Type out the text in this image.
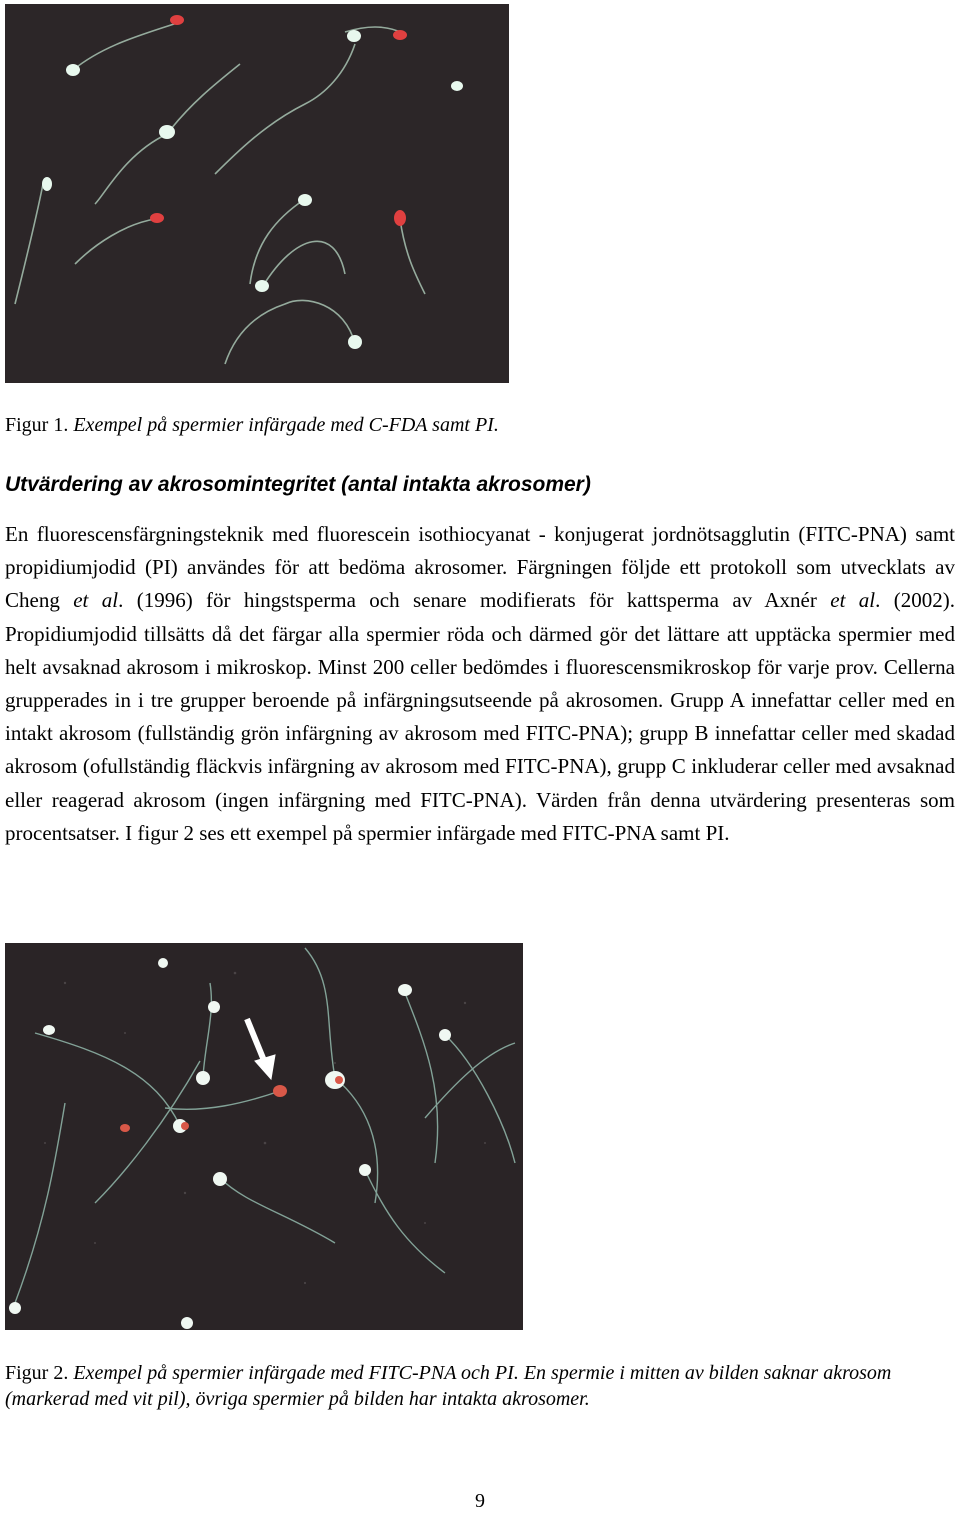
Figur 1. Exempel på spermier infärgade med C-FDA samt PI.
Utvärdering av akrosomintegritet (antal intakta akrosomer)
En fluorescensfärgningsteknik med fluorescein isothiocyanat - konjugerat jordnötsagglutin (FITC-PNA) samt propidiumjodid (PI) användes för att bedöma akrosomer. Färgningen följde ett protokoll som utvecklats av Cheng et al. (1996) för hingstsperma och senare modifierats för kattsperma av Axnér et al. (2002). Propidiumjodid tillsätts då det färgar alla spermier röda och därmed gör det lättare att upptäcka spermier med helt avsaknad akrosom i mikroskop. Minst 200 celler bedömdes i fluorescensmikroskop för varje prov. Cellerna grupperades in i tre grupper beroende på infärgningsutseende på akrosomen. Grupp A innefattar celler med en intakt akrosom (fullständig grön infärgning av akrosom med FITC-PNA); grupp B innefattar celler med skadad akrosom (ofullständig fläckvis infärgning av akrosom med FITC-PNA), grupp C inkluderar celler med avsaknad eller reagerad akrosom (ingen infärgning med FITC-PNA). Värden från denna utvärdering presenteras som procentsatser. I figur 2 ses ett exempel på spermier infärgade med FITC-PNA samt PI.
Figur 2. Exempel på spermier infärgade med FITC-PNA och PI. En spermie i mitten av bilden saknar akrosom (markerad med vit pil), övriga spermier på bilden har intakta akrosomer.
9
